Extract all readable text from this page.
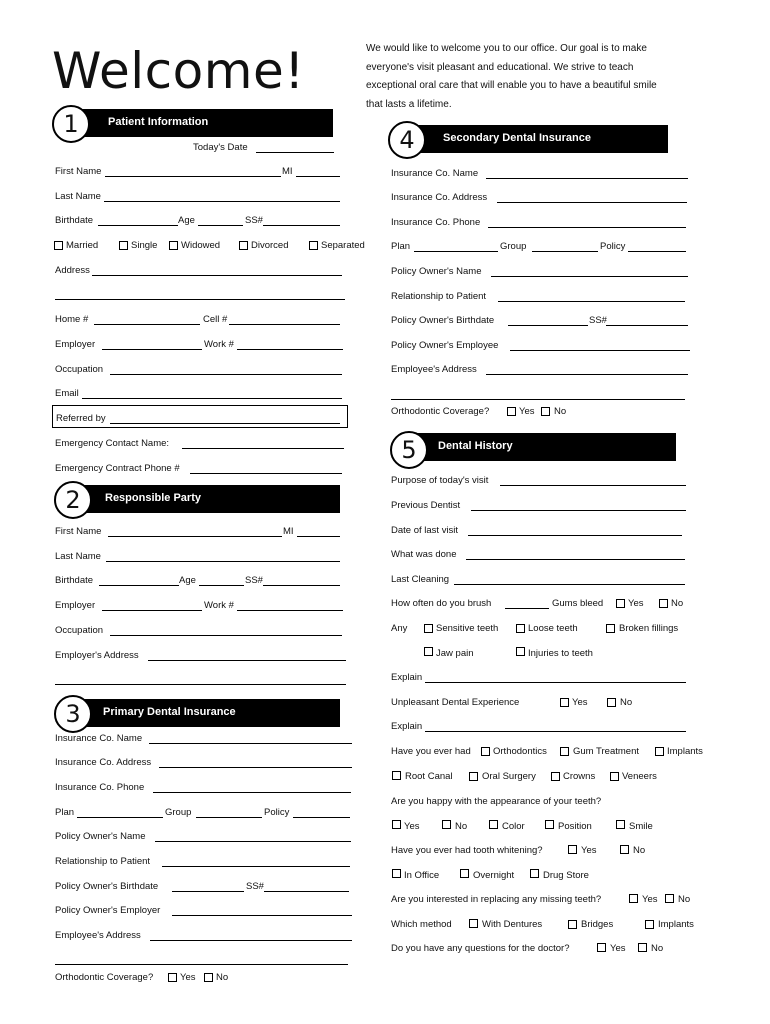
Welcome!	We would like to welcome you to our office. Our goal is to make
everyone's visit pleasant and educational. We strive to teach
exceptional oral care that will enable you to have a beautiful smile
that lasts a lifetime.
Patient Information
1
Today's Date
First Name	MI
Last Name
Birthdate	Age	SS#
Married	Single Widowed	Divorced	Separated
Address
Home #	Cell #
Employer	Work #
Occupation
Email
Referred by
Emergency Contact Name:
Emergency Contract Phone #
Responsible Party
2
First Name	MI
Last Name
Birthdate	Age	SS#
Employer	Work #
Occupation
Employer's Address
Primary Dental Insurance
3
Insurance Co. Name
Insurance Co. Address
Insurance Co. Phone
Plan	Group	Policy
Policy Owner's Name
Relationship to Patient
Policy Owner's Birthdate	SS#
Policy Owner's Employer
Employee's Address
Orthodontic Coverage?	Yes No
Secondary Dental Insurance
4
Insurance Co. Name
Insurance Co. Address
Insurance Co. Phone
Plan	Group	Policy
Policy Owner's Name
Relationship to Patient
Policy Owner's Birthdate	SS#
Policy Owner's Employee
Employee's Address
Orthodontic Coverage?	Yes No
Dental History
5
Purpose of today's visit
Previous Dentist
Date of last visit
What was done
Last Cleaning
How often do you brush	Gums bleed	Yes	No
Any	Sensitive teeth	Loose teeth	Broken fillings
Jaw pain	Injuries to teeth
Explain
Unpleasant Dental Experience	Yes	No
Explain
Have you ever had Orthodontics	Gum Treatment	Implants
Root Canal	Oral Surgery	Crowns	Veneers
Are you happy with the appearance of your teeth?
Yes	No	Color	Position	Smile
Have you ever had tooth whitening?	Yes	No
In Office	Overnight	Drug Store
Are you interested in replacing any missing teeth?	Yes No
Which method	With Dentures	Bridges	Implants
Do you have any questions for the doctor?	Yes	No
